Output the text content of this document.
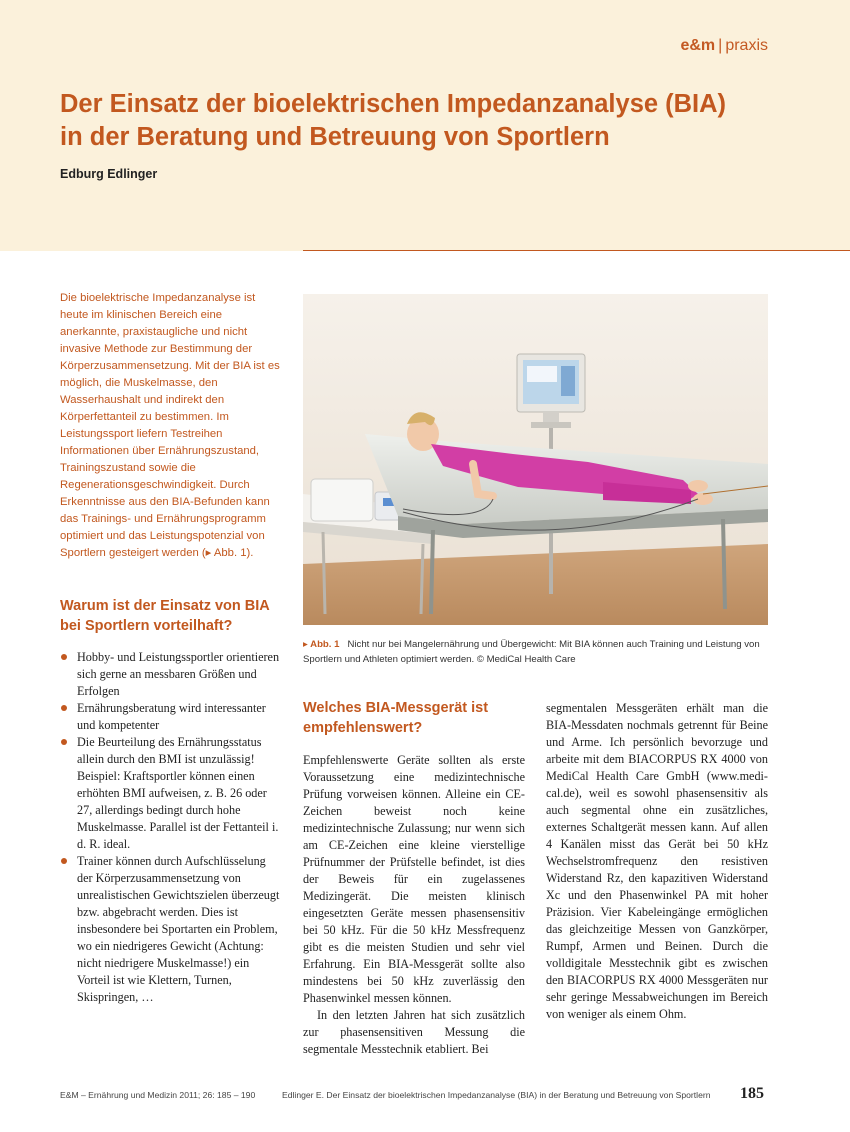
e&m | praxis
Der Einsatz der bioelektrischen Impedanzanalyse (BIA)
in der Beratung und Betreuung von Sportlern
Edburg Edlinger

Die bioelektrische Impedanzanalyse ist heute im klinischen Bereich eine anerkannte, praxistaugliche und nicht invasive Methode zur Bestimmung der Körperzusammensetzung. Mit der BIA ist es möglich, die Muskelmasse, den Wasserhaushalt und indirekt den Körperfettanteil zu bestimmen. Im Leistungssport liefern Testreihen Informationen über Ernährungszustand, Trainingszustand sowie die Regenerationsgeschwindigkeit. Durch Erkenntnisse aus den BIA-Befunden kann das Trainings- und Ernährungsprogramm optimiert und das Leistungspotenzial von Sportlern gesteigert werden (▸ Abb. 1).

Warum ist der Einsatz von BIA bei Sportlern vorteilhaft?
Hobby- und Leistungssportler orientieren sich gerne an messbaren Größen und Erfolgen
Ernährungsberatung wird interessanter und kompetenter
Die Beurteilung des Ernährungsstatus allein durch den BMI ist unzulässig! Beispiel: Kraftsportler können einen erhöhten BMI aufweisen, z. B. 26 oder 27, allerdings bedingt durch hohe Muskelmasse. Parallel ist der Fettanteil i. d. R. ideal.
Trainer können durch Aufschlüsselung der Körperzusammensetzung von unrealistischen Gewichtszielen überzeugt bzw. abgebracht werden. Dies ist insbesondere bei Sportarten ein Problem, wo ein niedrigeres Gewicht (Achtung: nicht niedrigere Muskelmasse!) ein Vorteil ist wie Klettern, Turnen, Skispringen, …
▸ Abb. 1 Nicht nur bei Mangelernährung und Übergewicht: Mit BIA können auch Training und Leistung von Sportlern und Athleten optimiert werden. © MediCal Health Care
Welches BIA-Messgerät ist empfehlenswert?

Empfehlenswerte Geräte sollten als erste Voraussetzung eine medizintechnische Prüfung vorweisen können. Alleine ein CE-Zeichen beweist noch keine medizintechnische Zulassung; nur wenn sich am CE-Zeichen eine kleine vierstellige Prüfnummer der Prüfstelle befindet, ist dies der Beweis für ein zugelassenes Medizingerät. Die meisten klinisch eingesetzten Geräte messen phasensensitiv bei 50 kHz. Für die 50 kHz Messfrequenz gibt es die meisten Studien und sehr viel Erfahrung. Ein BIA-Messgerät sollte also mindestens bei 50 kHz zuverlässig den Phasenwinkel messen können.

In den letzten Jahren hat sich zusätzlich zur phasensensitiven Messung die segmentale Messtechnik etabliert. Bei

segmentalen Messgeräten erhält man die BIA-Messdaten nochmals getrennt für Beine und Arme. Ich persönlich bevorzuge und arbeite mit dem BIACORPUS RX 4000 von MediCal Health Care GmbH (www.medi-cal.de), weil es sowohl phasensensitiv als auch segmental ohne ein zusätzliches, externes Schaltgerät messen kann. Auf allen 4 Kanälen misst das Gerät bei 50 kHz Wechselstromfrequenz den resistiven Widerstand Rz, den kapazitiven Widerstand Xc und den Phasenwinkel PA mit hoher Präzision. Vier Kabeleingänge ermöglichen das gleichzeitige Messen von Ganzkörper, Rumpf, Armen und Beinen. Durch die volldigitale Messtechnik gibt es zwischen den BIACORPUS RX 4000 Messgeräten nur sehr geringe Messabweichungen im Bereich von weniger als einem Ohm.

E&M – Ernährung und Medizin 2011; 26: 185 – 190	Edlinger E. Der Einsatz der bioelektrischen Impedanzanalyse (BIA) in der Beratung und Betreuung von Sportlern 185
